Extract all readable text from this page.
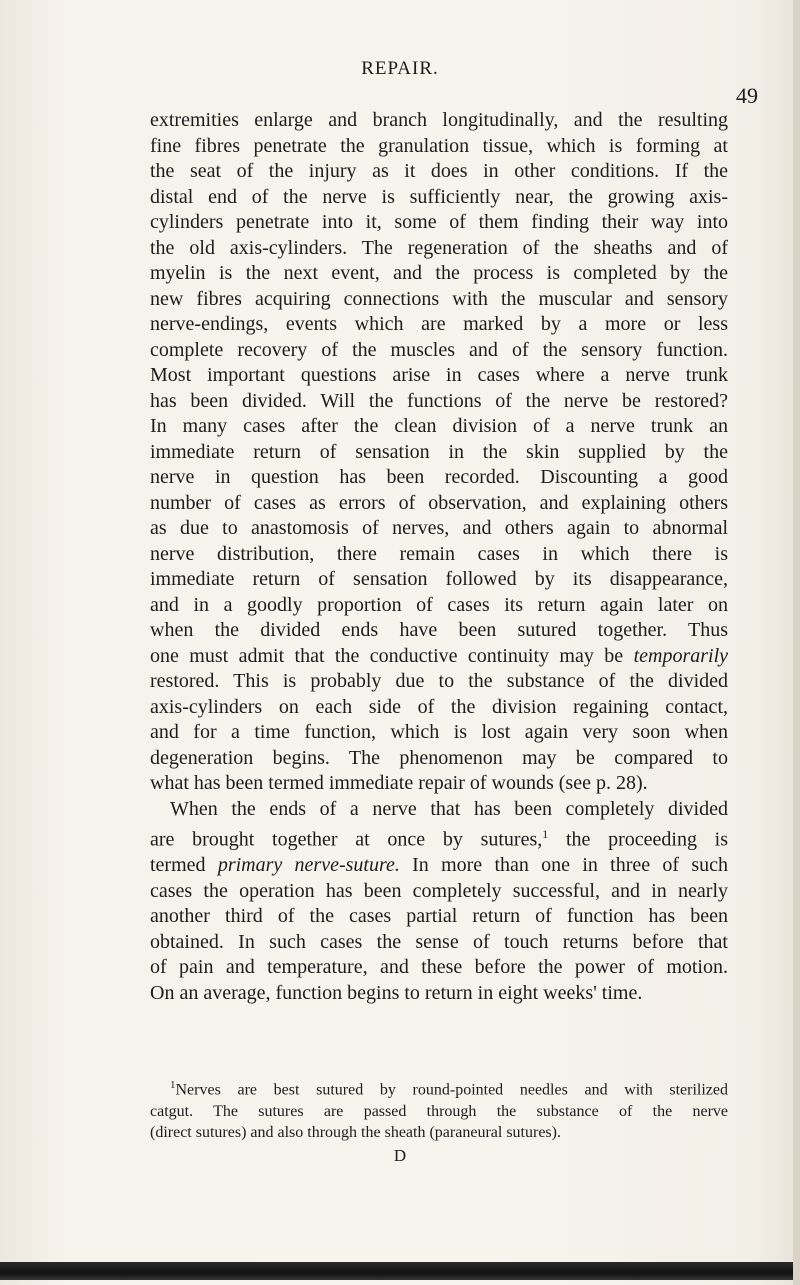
REPAIR.
49
extremities enlarge and branch longitudinally, and the resulting
fine fibres penetrate the granulation tissue, which is forming at
the seat of the injury as it does in other conditions. If the
distal end of the nerve is sufficiently near, the growing axis-
cylinders penetrate into it, some of them finding their way into
the old axis-cylinders. The regeneration of the sheaths and of
myelin is the next event, and the process is completed by the
new fibres acquiring connections with the muscular and sensory
nerve-endings, events which are marked by a more or less
complete recovery of the muscles and of the sensory function.
Most important questions arise in cases where a nerve trunk
has been divided. Will the functions of the nerve be restored?
In many cases after the clean division of a nerve trunk an
immediate return of sensation in the skin supplied by the
nerve in question has been recorded. Discounting a good
number of cases as errors of observation, and explaining others
as due to anastomosis of nerves, and others again to abnormal
nerve distribution, there remain cases in which there is
immediate return of sensation followed by its disappearance,
and in a goodly proportion of cases its return again later on
when the divided ends have been sutured together. Thus
one must admit that the conductive continuity may be temporarily
restored. This is probably due to the substance of the divided
axis-cylinders on each side of the division regaining contact,
and for a time function, which is lost again very soon when
degeneration begins. The phenomenon may be compared to
what has been termed immediate repair of wounds (see p. 28).
When the ends of a nerve that has been completely divided
are brought together at once by sutures,$^1$ the proceeding is
termed primary nerve-suture. In more than one in three of such
cases the operation has been completely successful, and in nearly
another third of the cases partial return of function has been
obtained. In such cases the sense of touch returns before that
of pain and temperature, and these before the power of motion.
On an average, function begins to return in eight weeks' time.
$^1$Nerves are best sutured by round-pointed needles and with sterilized
catgut. The sutures are passed through the substance of the nerve
(direct sutures) and also through the sheath (paraneural sutures).
D
